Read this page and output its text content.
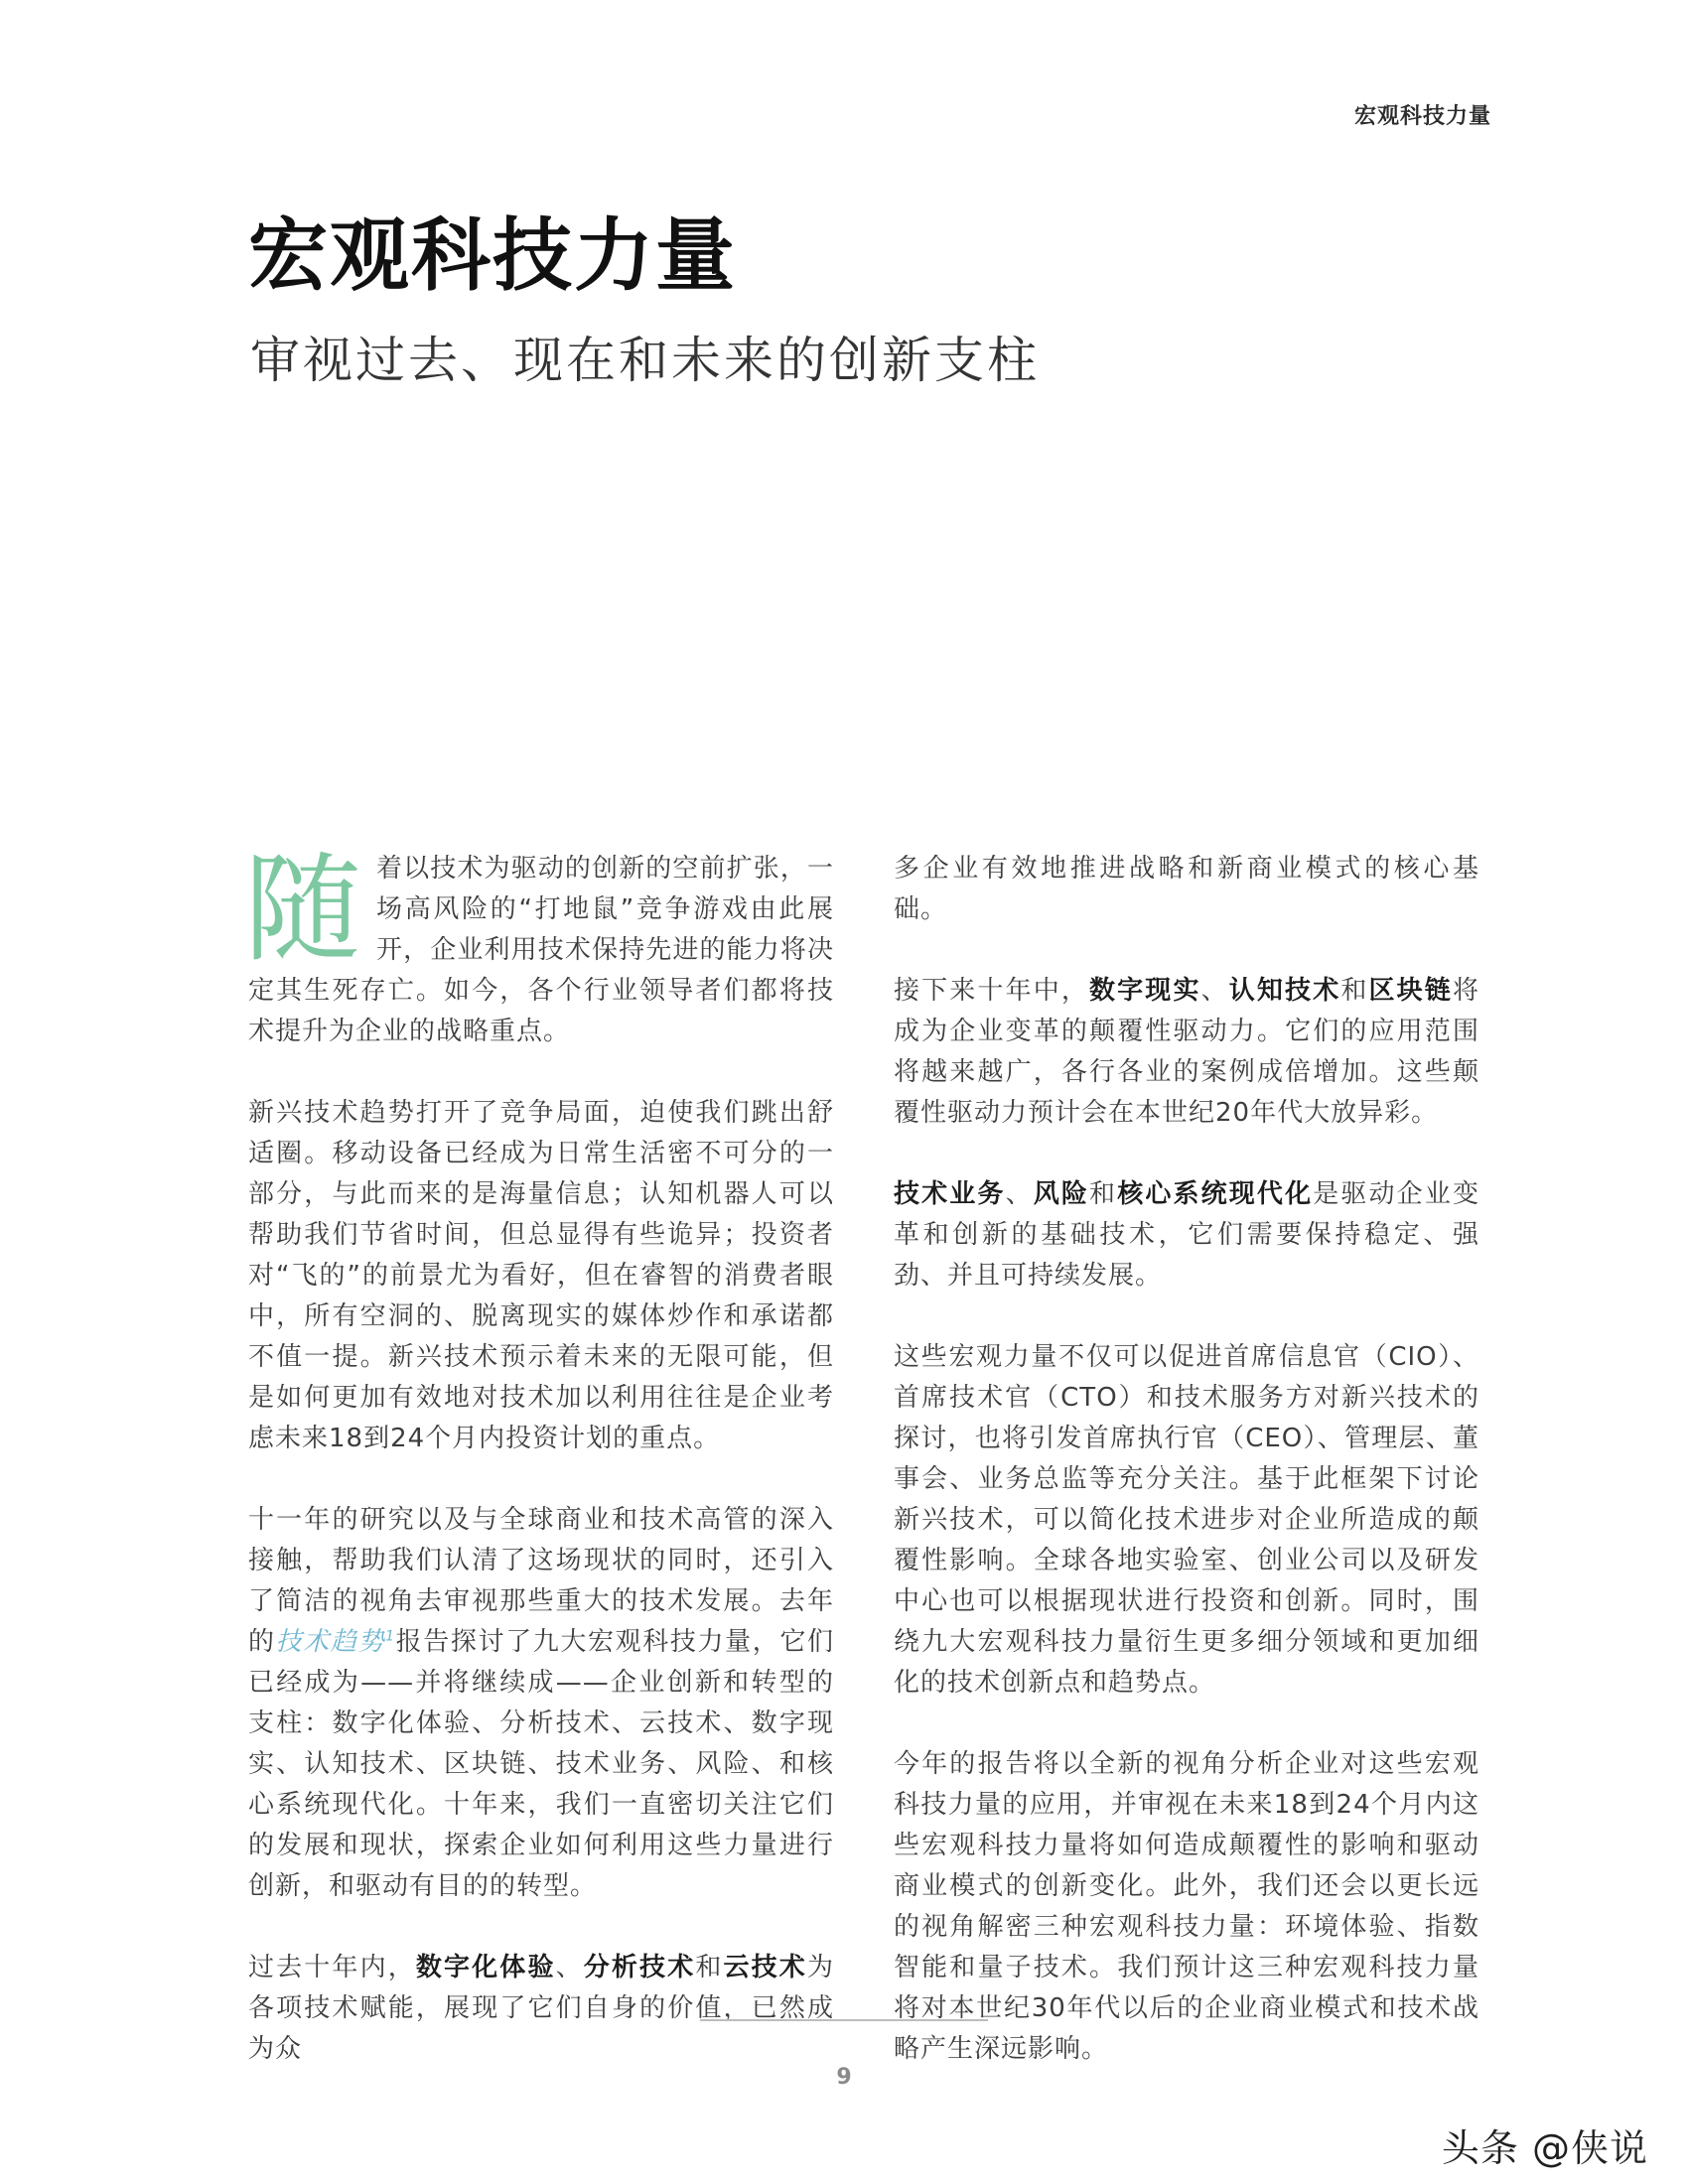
宏观科技力量
宏观科技力量
审视过去、现在和未来的创新支柱

随着以技术为驱动的创新的空前扩张，一场高风险的“打地鼠”竞争游戏由此展开，企业利用技术保持先进的能力将决定其生死存亡。如今，各个行业领导者们都将技术提升为企业的战略重点。

新兴技术趋势打开了竞争局面，迫使我们跳出舒适圈。移动设备已经成为日常生活密不可分的一部分，与此而来的是海量信息；认知机器人可以帮助我们节省时间，但总显得有些诡异；投资者对“飞的”的前景尤为看好，但在睿智的消费者眼中，所有空洞的、脱离现实的媒体炒作和承诺都不值一提。新兴技术预示着未来的无限可能，但是如何更加有效地对技术加以利用往往是企业考虑未来18到24个月内投资计划的重点。

十一年的研究以及与全球商业和技术高管的深入接触，帮助我们认清了这场现状的同时，还引入了简洁的视角去审视那些重大的技术发展。去年的技术趋势$^1$报告探讨了九大宏观科技力量，它们已经成为——并将继续成——企业创新和转型的支柱：数字化体验、分析技术、云技术、数字现实、认知技术、区块链、技术业务、风险、和核心系统现代化。十年来，我们一直密切关注它们的发展和现状，探索企业如何利用这些力量进行创新，和驱动有目的的转型。

过去十年内，数字化体验、分析技术和云技术为各项技术赋能，展现了它们自身的价值，已然成为众

多企业有效地推进战略和新商业模式的核心基础。

接下来十年中，数字现实、认知技术和区块链将成为企业变革的颠覆性驱动力。它们的应用范围将越来越广，各行各业的案例成倍增加。这些颠覆性驱动力预计会在本世纪20年代大放异彩。

技术业务、风险和核心系统现代化是驱动企业变革和创新的基础技术，它们需要保持稳定、强劲、并且可持续发展。

这些宏观力量不仅可以促进首席信息官（CIO）、首席技术官（CTO）和技术服务方对新兴技术的探讨，也将引发首席执行官（CEO）、管理层、董事会、业务总监等充分关注。基于此框架下讨论新兴技术，可以简化技术进步对企业所造成的颠覆性影响。全球各地实验室、创业公司以及研发中心也可以根据现状进行投资和创新。同时，围绕九大宏观科技力量衍生更多细分领域和更加细化的技术创新点和趋势点。

今年的报告将以全新的视角分析企业对这些宏观科技力量的应用，并审视在未来18到24个月内这些宏观科技力量将如何造成颠覆性的影响和驱动商业模式的创新变化。此外，我们还会以更长远的视角解密三种宏观科技力量：环境体验、指数智能和量子技术。我们预计这三种宏观科技力量将对本世纪30年代以后的企业商业模式和技术战略产生深远影响。

9
头条 @侠说
